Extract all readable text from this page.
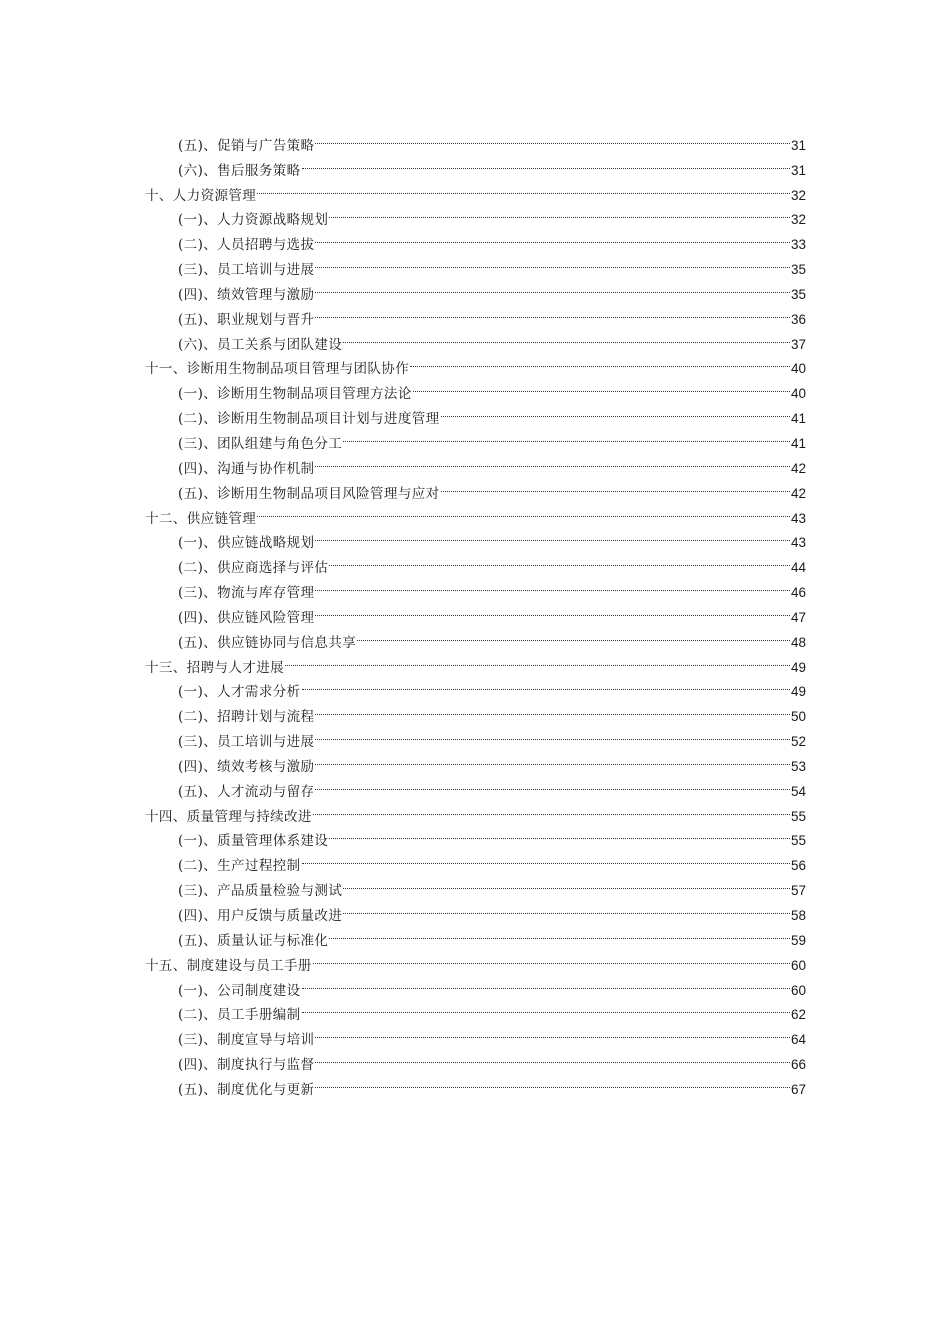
(五)、促销与广告策略	31
(六)、售后服务策略	31
十、人力资源管理	32
(一)、人力资源战略规划	32
(二)、人员招聘与选拔	33
(三)、员工培训与进展	35
(四)、绩效管理与激励	35
(五)、职业规划与晋升	36
(六)、员工关系与团队建设	37
十一、诊断用生物制品项目管理与团队协作	40
(一)、诊断用生物制品项目管理方法论	40
(二)、诊断用生物制品项目计划与进度管理	41
(三)、团队组建与角色分工	41
(四)、沟通与协作机制	42
(五)、诊断用生物制品项目风险管理与应对	42
十二、供应链管理	43
(一)、供应链战略规划	43
(二)、供应商选择与评估	44
(三)、物流与库存管理	46
(四)、供应链风险管理	47
(五)、供应链协同与信息共享	48
十三、招聘与人才进展	49
(一)、人才需求分析	49
(二)、招聘计划与流程	50
(三)、员工培训与进展	52
(四)、绩效考核与激励	53
(五)、人才流动与留存	54
十四、质量管理与持续改进	55
(一)、质量管理体系建设	55
(二)、生产过程控制	56
(三)、产品质量检验与测试	57
(四)、用户反馈与质量改进	58
(五)、质量认证与标准化	59
十五、制度建设与员工手册	60
(一)、公司制度建设	60
(二)、员工手册编制	62
(三)、制度宣导与培训	64
(四)、制度执行与监督	66
(五)、制度优化与更新	67
